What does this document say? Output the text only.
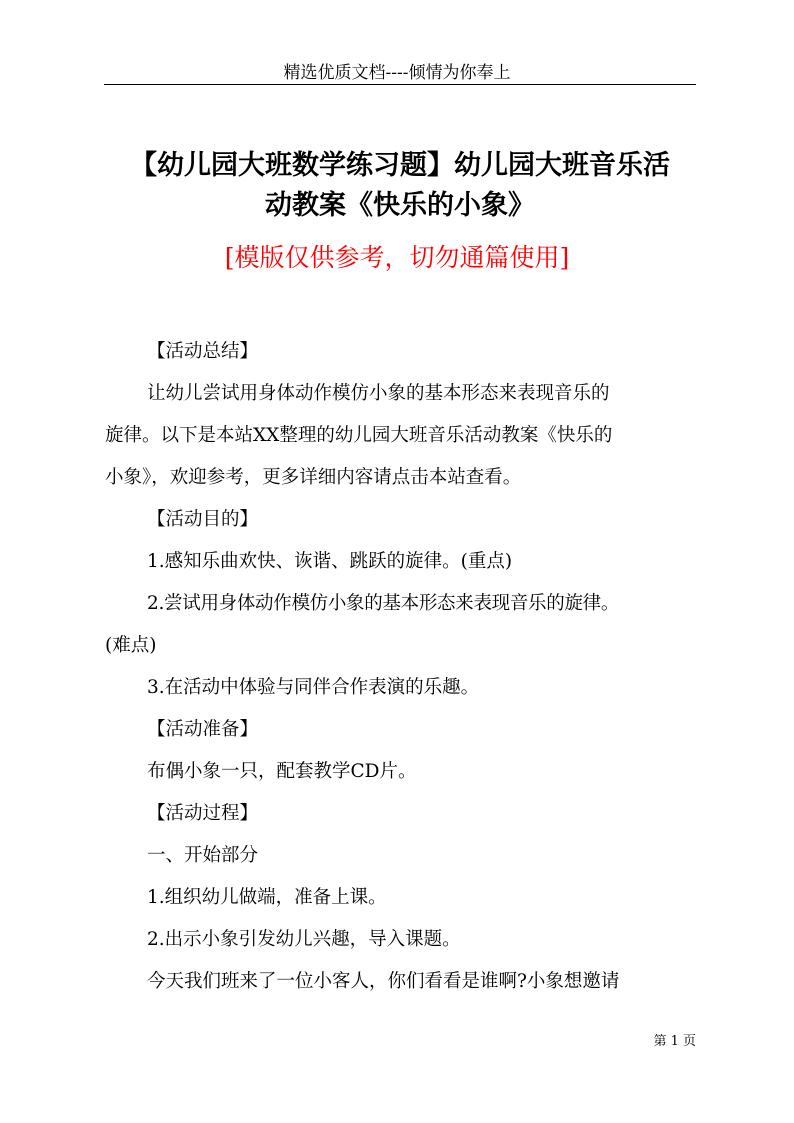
精选优质文档----倾情为你奉上
【幼儿园大班数学练习题】幼儿园大班音乐活
动教案《快乐的小象》
[模版仅供参考，切勿通篇使用]

【活动总结】

让幼儿尝试用身体动作模仿小象的基本形态来表现音乐的

旋律。以下是本站XX整理的幼儿园大班音乐活动教案《快乐的

小象》，欢迎参考，更多详细内容请点击本站查看。

【活动目的】

1.感知乐曲欢快、诙谐、跳跃的旋律。(重点)

2.尝试用身体动作模仿小象的基本形态来表现音乐的旋律。

(难点)

3.在活动中体验与同伴合作表演的乐趣。

【活动准备】

布偶小象一只，配套教学CD片。

【活动过程】

一、开始部分

1.组织幼儿做端，准备上课。

2.出示小象引发幼儿兴趣，导入课题。

今天我们班来了一位小客人，你们看看是谁啊?小象想邀请

第 1 页
